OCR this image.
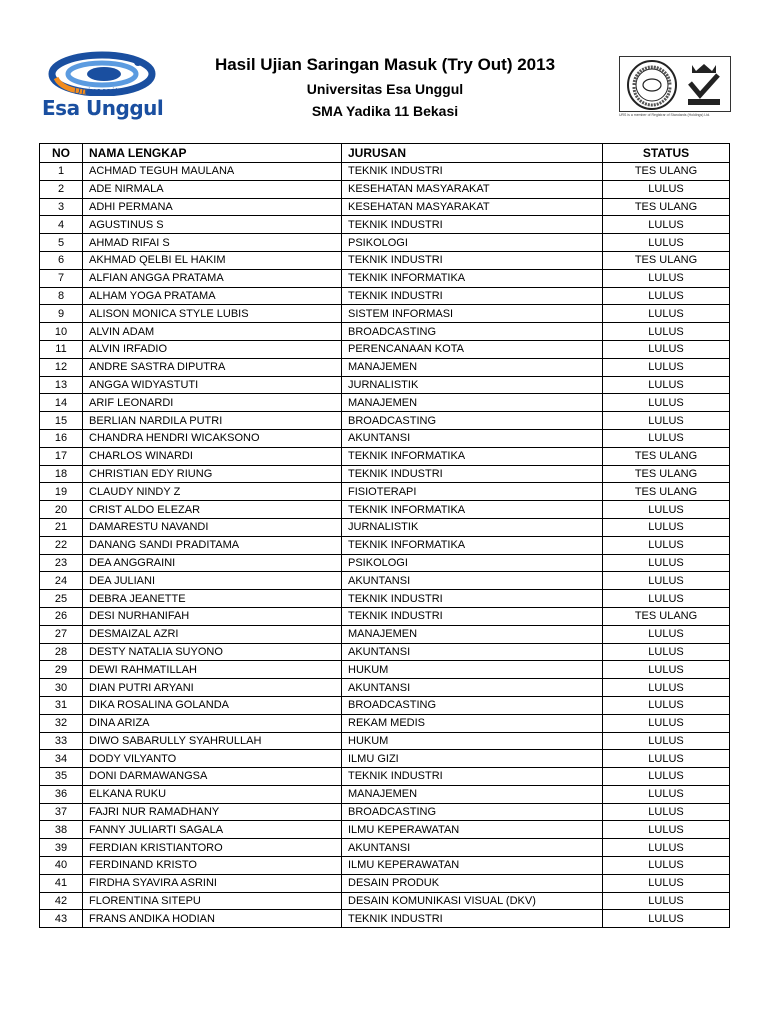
Universitas
Esa Unggul
Hasil Ujian Saringan Masuk (Try Out) 2013
Universitas Esa Unggul
SMA Yadika 11 Bekasi	URS is a member of Registrar of Standards (Holdings) Ltd.
NO	NAMA LENGKAP	JURUSAN	STATUS
1	ACHMAD TEGUH MAULANA	TEKNIK INDUSTRI	TES ULANG
2	ADE NIRMALA	KESEHATAN MASYARAKAT	LULUS
3	ADHI PERMANA	KESEHATAN MASYARAKAT	TES ULANG
4	AGUSTINUS S	TEKNIK INDUSTRI	LULUS
5	AHMAD RIFAI S	PSIKOLOGI	LULUS
6	AKHMAD QELBI EL HAKIM	TEKNIK INDUSTRI	TES ULANG
7	ALFIAN ANGGA PRATAMA	TEKNIK INFORMATIKA	LULUS
8	ALHAM YOGA PRATAMA	TEKNIK INDUSTRI	LULUS
9	ALISON MONICA STYLE LUBIS	SISTEM INFORMASI	LULUS
10	ALVIN ADAM	BROADCASTING	LULUS
11	ALVIN IRFADIO	PERENCANAAN KOTA	LULUS
12	ANDRE SASTRA DIPUTRA	MANAJEMEN	LULUS
13	ANGGA WIDYASTUTI	JURNALISTIK	LULUS
14	ARIF LEONARDI	MANAJEMEN	LULUS
15	BERLIAN NARDILA PUTRI	BROADCASTING	LULUS
16	CHANDRA HENDRI WICAKSONO	AKUNTANSI	LULUS
17	CHARLOS WINARDI	TEKNIK INFORMATIKA	TES ULANG
18	CHRISTIAN EDY RIUNG	TEKNIK INDUSTRI	TES ULANG
19	CLAUDY NINDY Z	FISIOTERAPI	TES ULANG
20	CRIST ALDO ELEZAR	TEKNIK INFORMATIKA	LULUS
21	DAMARESTU NAVANDI	JURNALISTIK	LULUS
22	DANANG SANDI PRADITAMA	TEKNIK INFORMATIKA	LULUS
23	DEA ANGGRAINI	PSIKOLOGI	LULUS
24	DEA JULIANI	AKUNTANSI	LULUS
25	DEBRA JEANETTE	TEKNIK INDUSTRI	LULUS
26	DESI NURHANIFAH	TEKNIK INDUSTRI	TES ULANG
27	DESMAIZAL AZRI	MANAJEMEN	LULUS
28	DESTY NATALIA SUYONO	AKUNTANSI	LULUS
29	DEWI RAHMATILLAH	HUKUM	LULUS
30	DIAN PUTRI ARYANI	AKUNTANSI	LULUS
31	DIKA ROSALINA GOLANDA	BROADCASTING	LULUS
32	DINA ARIZA	REKAM MEDIS	LULUS
33	DIWO SABARULLY SYAHRULLAH	HUKUM	LULUS
34	DODY VILYANTO	ILMU GIZI	LULUS
35	DONI DARMAWANGSA	TEKNIK INDUSTRI	LULUS
36	ELKANA RUKU	MANAJEMEN	LULUS
37	FAJRI NUR RAMADHANY	BROADCASTING	LULUS
38	FANNY JULIARTI SAGALA	ILMU KEPERAWATAN	LULUS
39	FERDIAN KRISTIANTORO	AKUNTANSI	LULUS
40	FERDINAND KRISTO	ILMU KEPERAWATAN	LULUS
41	FIRDHA SYAVIRA ASRINI	DESAIN PRODUK	LULUS
42	FLORENTINA SITEPU	DESAIN KOMUNIKASI VISUAL (DKV)	LULUS
43	FRANS ANDIKA HODIAN	TEKNIK INDUSTRI	LULUS
